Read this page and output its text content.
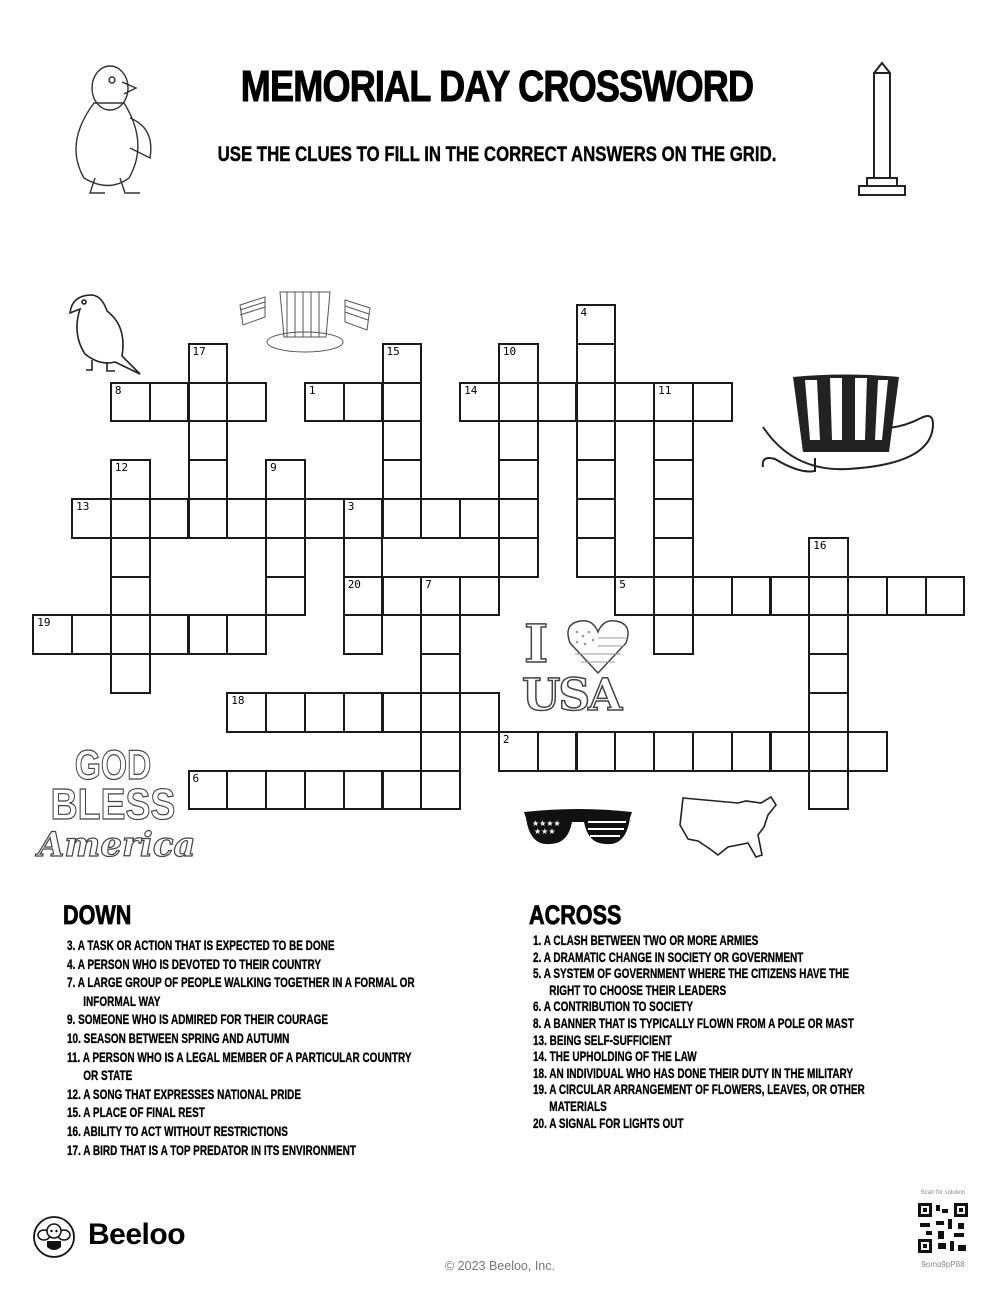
MEMORIAL DAY CROSSWORD
USE THE CLUES TO FILL IN THE CORRECT ANSWERS ON THE GRID.
★★★★★
I
USA
GOD
BLESS
America
★★★★
★★★
4
17	15	10
8	1	14	11
12	9
13	3
20
16
7	5
19
18
2
6
DOWN
3. A TASK OR ACTION THAT IS EXPECTED TO BE DONE
4. A PERSON WHO IS DEVOTED TO THEIR COUNTRY
7. A LARGE GROUP OF PEOPLE WALKING TOGETHER IN A FORMAL OR INFORMAL WAY
9. SOMEONE WHO IS ADMIRED FOR THEIR COURAGE
10. SEASON BETWEEN SPRING AND AUTUMN
11. A PERSON WHO IS A LEGAL MEMBER OF A PARTICULAR COUNTRY OR STATE
12. A SONG THAT EXPRESSES NATIONAL PRIDE
15. A PLACE OF FINAL REST
16. ABILITY TO ACT WITHOUT RESTRICTIONS
17. A BIRD THAT IS A TOP PREDATOR IN ITS ENVIRONMENT
ACROSS
1. A CLASH BETWEEN TWO OR MORE ARMIES
2. A DRAMATIC CHANGE IN SOCIETY OR GOVERNMENT
5. A SYSTEM OF GOVERNMENT WHERE THE CITIZENS HAVE THE RIGHT TO CHOOSE THEIR LEADERS
6. A CONTRIBUTION TO SOCIETY
8. A BANNER THAT IS TYPICALLY FLOWN FROM A POLE OR MAST
13. BEING SELF-SUFFICIENT
14. THE UPHOLDING OF THE LAW
18. AN INDIVIDUAL WHO HAS DONE THEIR DUTY IN THE MILITARY
19. A CIRCULAR ARRANGEMENT OF FLOWERS, LEAVES, OR OTHER MATERIALS
20. A SIGNAL FOR LIGHTS OUT
Beeloo
© 2023 Beeloo, Inc.
Scan for solution
9omo9pP88
